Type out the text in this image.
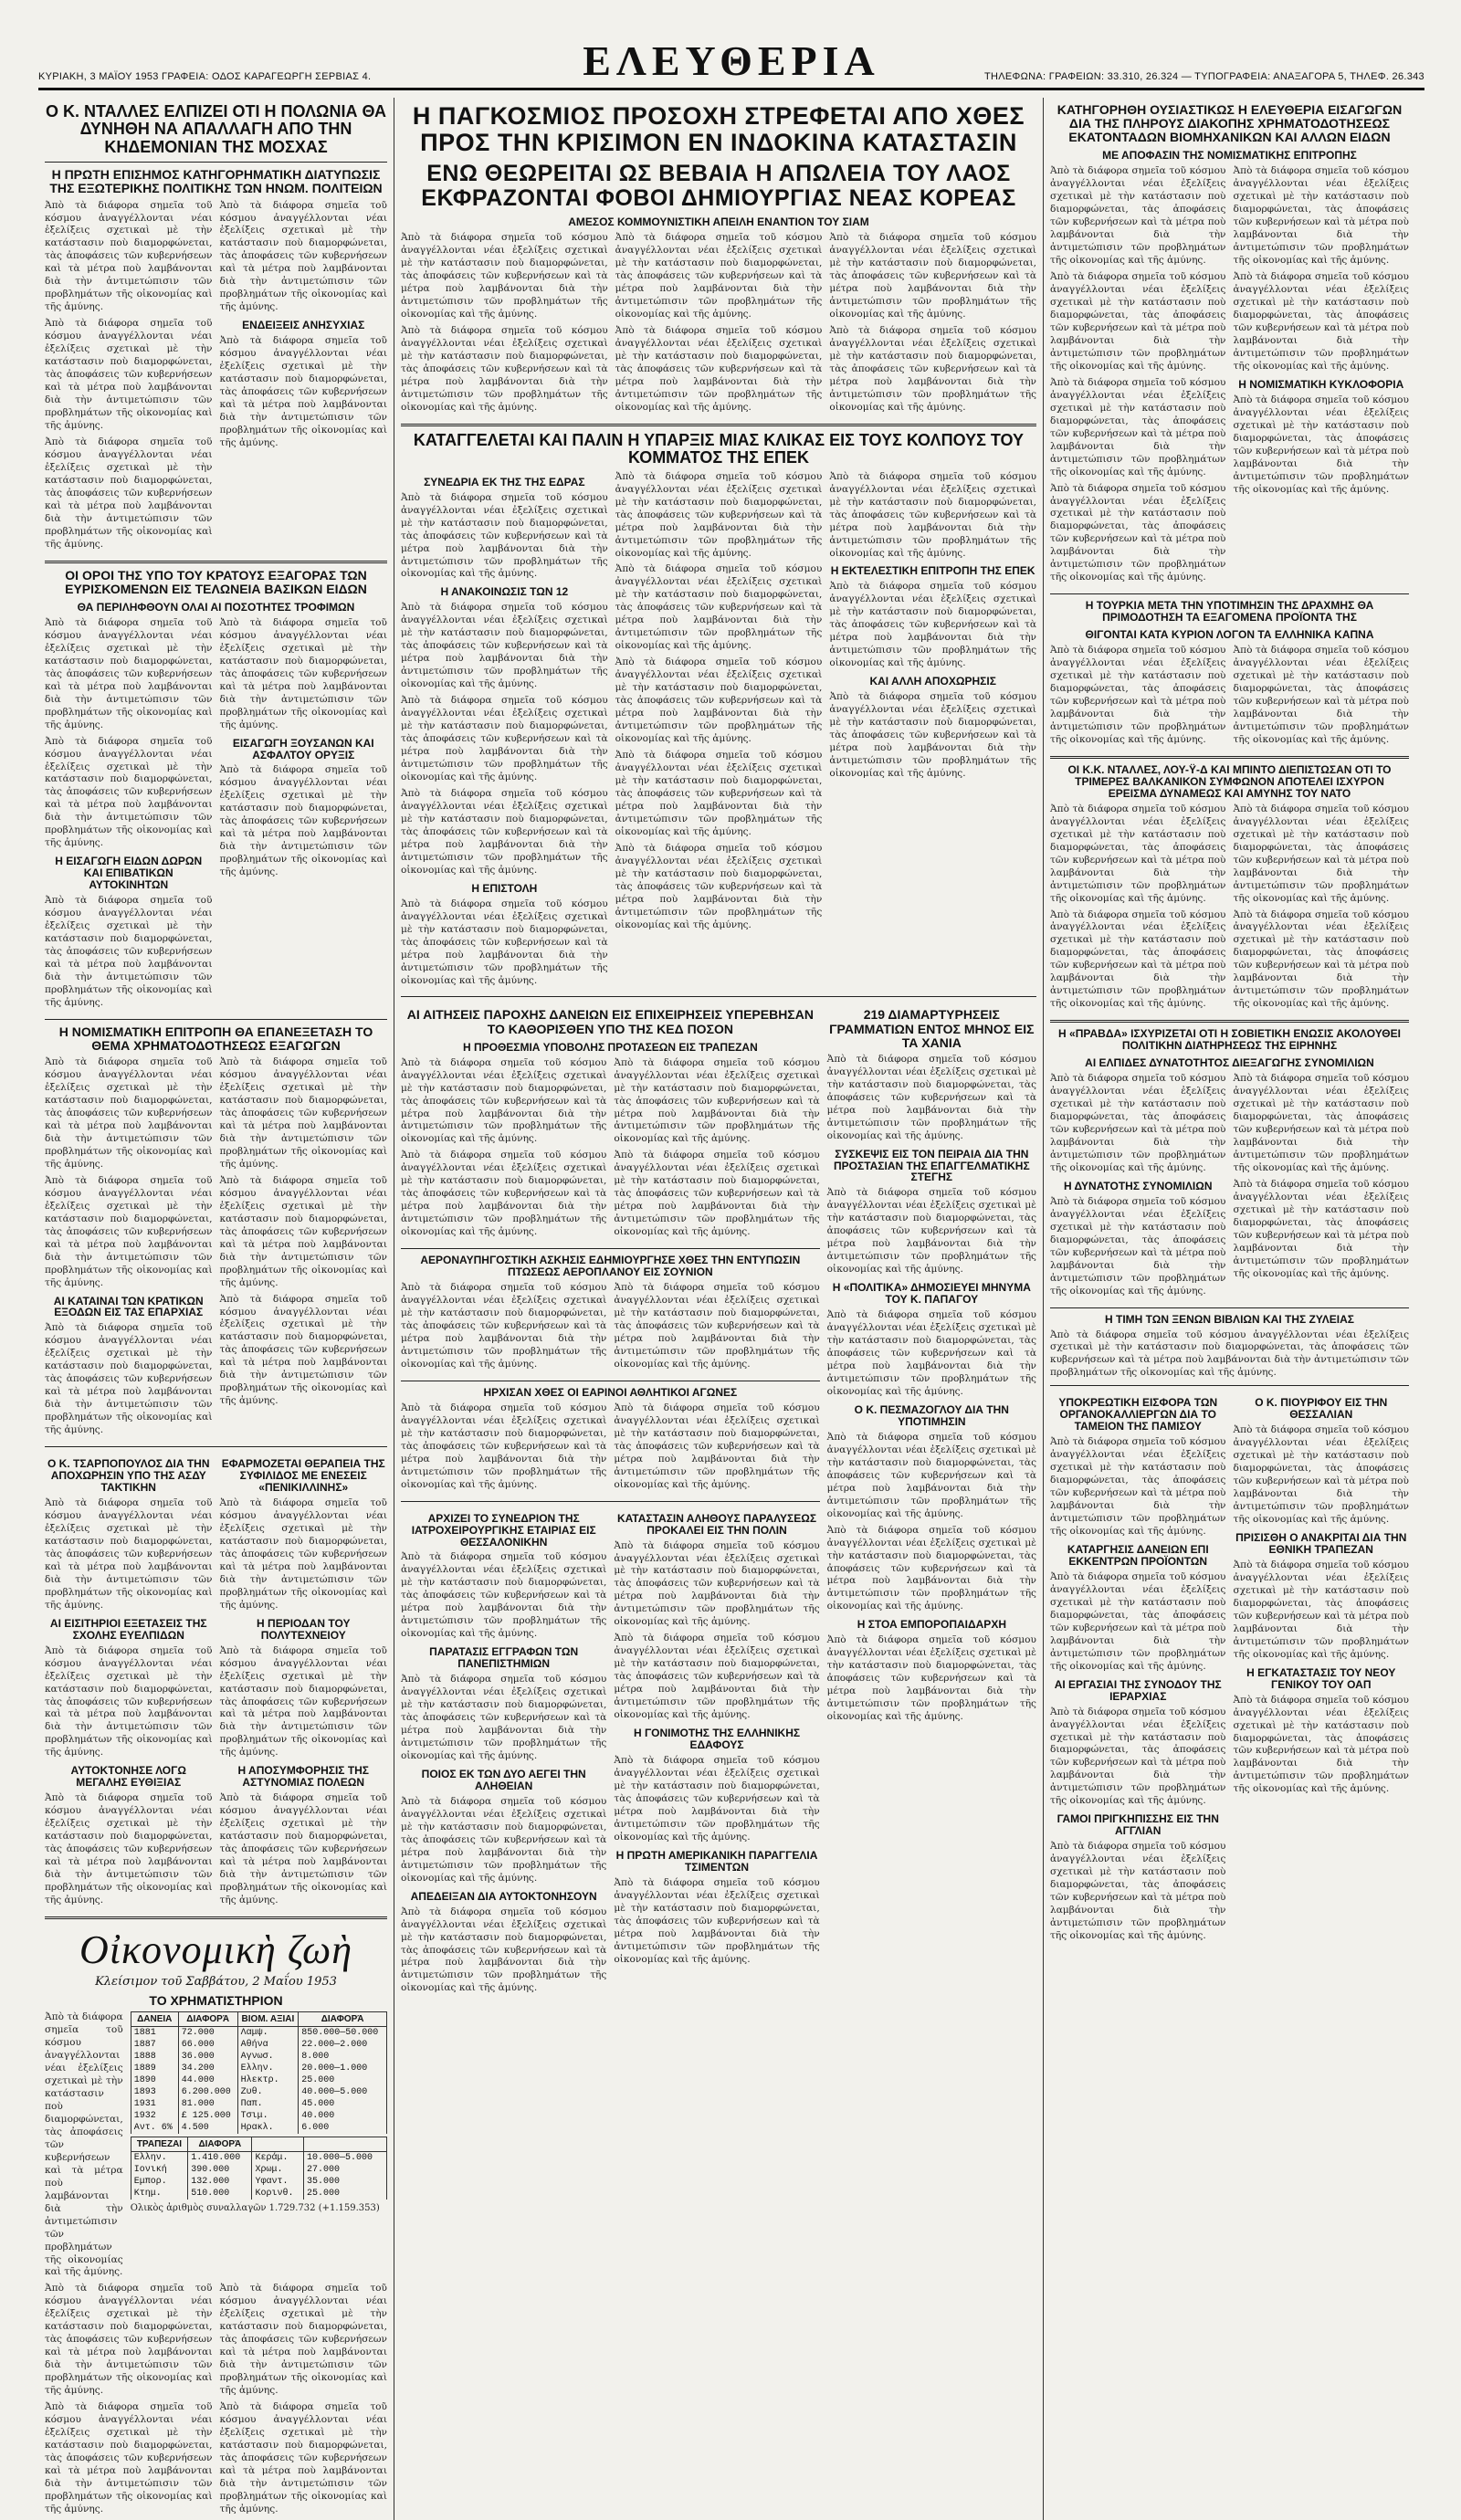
ΚΥΡΙΑΚΗ, 3 ΜΑΪΟΥ 1953 ΓΡΑΦΕΙΑ: ΟΔΟΣ ΚΑΡΑΓΕΩΡΓΗ ΣΕΡΒΙΑΣ 4.	ΕΛΕΥΘΕΡΙΑ	ΤΗΛΕΦΩΝΑ: ΓΡΑΦΕΙΩΝ: 33.310, 26.324 — ΤΥΠΟΓΡΑΦΕΙΑ: ΑΝΑΞΑΓΟΡΑ 5, ΤΗΛΕΦ. 26.343
Ο Κ. ΝΤΑΛΛΕΣ ΕΛΠΙΖΕΙ ΟΤΙ Η ΠΟΛΩΝΙΑ ΘΑ ΔΥΝΗΘΗ ΝΑ ΑΠΑΛΛΑΓΗ ΑΠΟ ΤΗΝ ΚΗΔΕΜΟΝΙΑΝ ΤΗΣ ΜΟΣΧΑΣ
Η ΠΡΩΤΗ ΕΠΙΣΗΜΟΣ ΚΑΤΗΓΟΡΗΜΑΤΙΚΗ ΔΙΑΤΥΠΩΣΙΣ ΤΗΣ ΕΞΩΤΕΡΙΚΗΣ ΠΟΛΙΤΙΚΗΣ ΤΩΝ ΗΝΩΜ. ΠΟΛΙΤΕΙΩΝ

Ἀπὸ τὰ διάφορα σημεῖα τοῦ κόσμου ἀναγγέλλονται νέαι ἐξελίξεις σχετικαὶ μὲ τὴν κατάστασιν ποὺ διαμορφώνεται, τὰς ἀποφάσεις τῶν κυβερνήσεων καὶ τὰ μέτρα ποὺ λαμβάνονται διὰ τὴν ἀντιμετώπισιν τῶν προβλημάτων τῆς οἰκονομίας καὶ τῆς ἀμύνης.

Ἀπὸ τὰ διάφορα σημεῖα τοῦ κόσμου ἀναγγέλλονται νέαι ἐξελίξεις σχετικαὶ μὲ τὴν κατάστασιν ποὺ διαμορφώνεται, τὰς ἀποφάσεις τῶν κυβερνήσεων καὶ τὰ μέτρα ποὺ λαμβάνονται διὰ τὴν ἀντιμετώπισιν τῶν προβλημάτων τῆς οἰκονομίας καὶ τῆς ἀμύνης.

Ἀπὸ τὰ διάφορα σημεῖα τοῦ κόσμου ἀναγγέλλονται νέαι ἐξελίξεις σχετικαὶ μὲ τὴν κατάστασιν ποὺ διαμορφώνεται, τὰς ἀποφάσεις τῶν κυβερνήσεων καὶ τὰ μέτρα ποὺ λαμβάνονται διὰ τὴν ἀντιμετώπισιν τῶν προβλημάτων τῆς οἰκονομίας καὶ τῆς ἀμύνης.

Ἀπὸ τὰ διάφορα σημεῖα τοῦ κόσμου ἀναγγέλλονται νέαι ἐξελίξεις σχετικαὶ μὲ τὴν κατάστασιν ποὺ διαμορφώνεται, τὰς ἀποφάσεις τῶν κυβερνήσεων καὶ τὰ μέτρα ποὺ λαμβάνονται διὰ τὴν ἀντιμετώπισιν τῶν προβλημάτων τῆς οἰκονομίας καὶ τῆς ἀμύνης.

ΕΝΔΕΙΞΕΙΣ ΑΝΗΣΥΧΙΑΣ

Ἀπὸ τὰ διάφορα σημεῖα τοῦ κόσμου ἀναγγέλλονται νέαι ἐξελίξεις σχετικαὶ μὲ τὴν κατάστασιν ποὺ διαμορφώνεται, τὰς ἀποφάσεις τῶν κυβερνήσεων καὶ τὰ μέτρα ποὺ λαμβάνονται διὰ τὴν ἀντιμετώπισιν τῶν προβλημάτων τῆς οἰκονομίας καὶ τῆς ἀμύνης.

ΟΙ ΟΡΟΙ ΤΗΣ ΥΠΟ ΤΟΥ ΚΡΑΤΟΥΣ ΕΞΑΓΟΡΑΣ ΤΩΝ ΕΥΡΙΣΚΟΜΕΝΩΝ ΕΙΣ ΤΕΛΩΝΕΙΑ ΒΑΣΙΚΩΝ ΕΙΔΩΝ
ΘΑ ΠΕΡΙΛΗΦΘΟΥΝ ΟΛΑΙ ΑΙ ΠΟΣΟΤΗΤΕΣ ΤΡΟΦΙΜΩΝ

Ἀπὸ τὰ διάφορα σημεῖα τοῦ κόσμου ἀναγγέλλονται νέαι ἐξελίξεις σχετικαὶ μὲ τὴν κατάστασιν ποὺ διαμορφώνεται, τὰς ἀποφάσεις τῶν κυβερνήσεων καὶ τὰ μέτρα ποὺ λαμβάνονται διὰ τὴν ἀντιμετώπισιν τῶν προβλημάτων τῆς οἰκονομίας καὶ τῆς ἀμύνης.

Ἀπὸ τὰ διάφορα σημεῖα τοῦ κόσμου ἀναγγέλλονται νέαι ἐξελίξεις σχετικαὶ μὲ τὴν κατάστασιν ποὺ διαμορφώνεται, τὰς ἀποφάσεις τῶν κυβερνήσεων καὶ τὰ μέτρα ποὺ λαμβάνονται διὰ τὴν ἀντιμετώπισιν τῶν προβλημάτων τῆς οἰκονομίας καὶ τῆς ἀμύνης.

Η ΕΙΣΑΓΩΓΗ ΕΙΔΩΝ ΔΩΡΩΝ ΚΑΙ ΕΠΙΒΑΤΙΚΩΝ ΑΥΤΟΚΙΝΗΤΩΝ

Ἀπὸ τὰ διάφορα σημεῖα τοῦ κόσμου ἀναγγέλλονται νέαι ἐξελίξεις σχετικαὶ μὲ τὴν κατάστασιν ποὺ διαμορφώνεται, τὰς ἀποφάσεις τῶν κυβερνήσεων καὶ τὰ μέτρα ποὺ λαμβάνονται διὰ τὴν ἀντιμετώπισιν τῶν προβλημάτων τῆς οἰκονομίας καὶ τῆς ἀμύνης.

Ἀπὸ τὰ διάφορα σημεῖα τοῦ κόσμου ἀναγγέλλονται νέαι ἐξελίξεις σχετικαὶ μὲ τὴν κατάστασιν ποὺ διαμορφώνεται, τὰς ἀποφάσεις τῶν κυβερνήσεων καὶ τὰ μέτρα ποὺ λαμβάνονται διὰ τὴν ἀντιμετώπισιν τῶν προβλημάτων τῆς οἰκονομίας καὶ τῆς ἀμύνης.

ΕΙΣΑΓΩΓΗ ΞΟΥΣΑΝΩΝ ΚΑΙ ΑΣΦΑΛΤΟΥ ΟΡΥΞΙΣ

Ἀπὸ τὰ διάφορα σημεῖα τοῦ κόσμου ἀναγγέλλονται νέαι ἐξελίξεις σχετικαὶ μὲ τὴν κατάστασιν ποὺ διαμορφώνεται, τὰς ἀποφάσεις τῶν κυβερνήσεων καὶ τὰ μέτρα ποὺ λαμβάνονται διὰ τὴν ἀντιμετώπισιν τῶν προβλημάτων τῆς οἰκονομίας καὶ τῆς ἀμύνης.

Η ΝΟΜΙΣΜΑΤΙΚΗ ΕΠΙΤΡΟΠΗ ΘΑ ΕΠΑΝΕΞΕΤΑΣΗ ΤΟ ΘΕΜΑ ΧΡΗΜΑΤΟΔΟΤΗΣΕΩΣ ΕΞΑΓΩΓΩΝ

Ἀπὸ τὰ διάφορα σημεῖα τοῦ κόσμου ἀναγγέλλονται νέαι ἐξελίξεις σχετικαὶ μὲ τὴν κατάστασιν ποὺ διαμορφώνεται, τὰς ἀποφάσεις τῶν κυβερνήσεων καὶ τὰ μέτρα ποὺ λαμβάνονται διὰ τὴν ἀντιμετώπισιν τῶν προβλημάτων τῆς οἰκονομίας καὶ τῆς ἀμύνης.

Ἀπὸ τὰ διάφορα σημεῖα τοῦ κόσμου ἀναγγέλλονται νέαι ἐξελίξεις σχετικαὶ μὲ τὴν κατάστασιν ποὺ διαμορφώνεται, τὰς ἀποφάσεις τῶν κυβερνήσεων καὶ τὰ μέτρα ποὺ λαμβάνονται διὰ τὴν ἀντιμετώπισιν τῶν προβλημάτων τῆς οἰκονομίας καὶ τῆς ἀμύνης.

ΑΙ ΚΑΤΑΙΝΑΙ ΤΩΝ ΚΡΑΤΙΚΩΝ ΕΞΟΔΩΝ ΕΙΣ ΤΑΣ ΕΠΑΡΧΙΑΣ

Ἀπὸ τὰ διάφορα σημεῖα τοῦ κόσμου ἀναγγέλλονται νέαι ἐξελίξεις σχετικαὶ μὲ τὴν κατάστασιν ποὺ διαμορφώνεται, τὰς ἀποφάσεις τῶν κυβερνήσεων καὶ τὰ μέτρα ποὺ λαμβάνονται διὰ τὴν ἀντιμετώπισιν τῶν προβλημάτων τῆς οἰκονομίας καὶ τῆς ἀμύνης.

Ἀπὸ τὰ διάφορα σημεῖα τοῦ κόσμου ἀναγγέλλονται νέαι ἐξελίξεις σχετικαὶ μὲ τὴν κατάστασιν ποὺ διαμορφώνεται, τὰς ἀποφάσεις τῶν κυβερνήσεων καὶ τὰ μέτρα ποὺ λαμβάνονται διὰ τὴν ἀντιμετώπισιν τῶν προβλημάτων τῆς οἰκονομίας καὶ τῆς ἀμύνης.

Ἀπὸ τὰ διάφορα σημεῖα τοῦ κόσμου ἀναγγέλλονται νέαι ἐξελίξεις σχετικαὶ μὲ τὴν κατάστασιν ποὺ διαμορφώνεται, τὰς ἀποφάσεις τῶν κυβερνήσεων καὶ τὰ μέτρα ποὺ λαμβάνονται διὰ τὴν ἀντιμετώπισιν τῶν προβλημάτων τῆς οἰκονομίας καὶ τῆς ἀμύνης.

Ἀπὸ τὰ διάφορα σημεῖα τοῦ κόσμου ἀναγγέλλονται νέαι ἐξελίξεις σχετικαὶ μὲ τὴν κατάστασιν ποὺ διαμορφώνεται, τὰς ἀποφάσεις τῶν κυβερνήσεων καὶ τὰ μέτρα ποὺ λαμβάνονται διὰ τὴν ἀντιμετώπισιν τῶν προβλημάτων τῆς οἰκονομίας καὶ τῆς ἀμύνης.

Ο Κ. ΤΣΑΡΠΟΠΟΥΛΟΣ ΔΙΑ ΤΗΝ ΑΠΟΧΩΡΗΣΙΝ ΥΠΟ ΤΗΣ ΑΣΔΥ ΤΑΚΤΙΚΗΝ

Ἀπὸ τὰ διάφορα σημεῖα τοῦ κόσμου ἀναγγέλλονται νέαι ἐξελίξεις σχετικαὶ μὲ τὴν κατάστασιν ποὺ διαμορφώνεται, τὰς ἀποφάσεις τῶν κυβερνήσεων καὶ τὰ μέτρα ποὺ λαμβάνονται διὰ τὴν ἀντιμετώπισιν τῶν προβλημάτων τῆς οἰκονομίας καὶ τῆς ἀμύνης.

ΑΙ ΕΙΣΙΤΗΡΙΟΙ ΕΞΕΤΑΣΕΙΣ ΤΗΣ ΣΧΟΛΗΣ ΕΥΕΛΠΙΔΩΝ

Ἀπὸ τὰ διάφορα σημεῖα τοῦ κόσμου ἀναγγέλλονται νέαι ἐξελίξεις σχετικαὶ μὲ τὴν κατάστασιν ποὺ διαμορφώνεται, τὰς ἀποφάσεις τῶν κυβερνήσεων καὶ τὰ μέτρα ποὺ λαμβάνονται διὰ τὴν ἀντιμετώπισιν τῶν προβλημάτων τῆς οἰκονομίας καὶ τῆς ἀμύνης.

ΑΥΤΟΚΤΟΝΗΣΕ ΛΟΓΩ ΜΕΓΑΛΗΣ ΕΥΘΙΞΙΑΣ

Ἀπὸ τὰ διάφορα σημεῖα τοῦ κόσμου ἀναγγέλλονται νέαι ἐξελίξεις σχετικαὶ μὲ τὴν κατάστασιν ποὺ διαμορφώνεται, τὰς ἀποφάσεις τῶν κυβερνήσεων καὶ τὰ μέτρα ποὺ λαμβάνονται διὰ τὴν ἀντιμετώπισιν τῶν προβλημάτων τῆς οἰκονομίας καὶ τῆς ἀμύνης.

ΕΦΑΡΜΟΖΕΤΑΙ ΘΕΡΑΠΕΙΑ ΤΗΣ ΣΥΦΙΛΙΔΟΣ ΜΕ ΕΝΕΣΕΙΣ «ΠΕΝΙΚΙΛΛΙΝΗΣ»

Ἀπὸ τὰ διάφορα σημεῖα τοῦ κόσμου ἀναγγέλλονται νέαι ἐξελίξεις σχετικαὶ μὲ τὴν κατάστασιν ποὺ διαμορφώνεται, τὰς ἀποφάσεις τῶν κυβερνήσεων καὶ τὰ μέτρα ποὺ λαμβάνονται διὰ τὴν ἀντιμετώπισιν τῶν προβλημάτων τῆς οἰκονομίας καὶ τῆς ἀμύνης.

Η ΠΕΡΙΟΔΑΝ ΤΟΥ ΠΟΛΥΤΕΧΝΕΙΟΥ

Ἀπὸ τὰ διάφορα σημεῖα τοῦ κόσμου ἀναγγέλλονται νέαι ἐξελίξεις σχετικαὶ μὲ τὴν κατάστασιν ποὺ διαμορφώνεται, τὰς ἀποφάσεις τῶν κυβερνήσεων καὶ τὰ μέτρα ποὺ λαμβάνονται διὰ τὴν ἀντιμετώπισιν τῶν προβλημάτων τῆς οἰκονομίας καὶ τῆς ἀμύνης.

Η ΑΠΟΣΥΜΦΟΡΗΣΙΣ ΤΗΣ ΑΣΤΥΝΟΜΙΑΣ ΠΟΛΕΩΝ

Ἀπὸ τὰ διάφορα σημεῖα τοῦ κόσμου ἀναγγέλλονται νέαι ἐξελίξεις σχετικαὶ μὲ τὴν κατάστασιν ποὺ διαμορφώνεται, τὰς ἀποφάσεις τῶν κυβερνήσεων καὶ τὰ μέτρα ποὺ λαμβάνονται διὰ τὴν ἀντιμετώπισιν τῶν προβλημάτων τῆς οἰκονομίας καὶ τῆς ἀμύνης.

Οἰκονομικὴ ζωὴ
Κλείσιμον τοῦ Σαββάτου, 2 Μαΐου 1953
ΤΟ ΧΡΗΜΑΤΙΣΤΗΡΙΟΝ

Ἀπὸ τὰ διάφορα σημεῖα τοῦ κόσμου ἀναγγέλλονται νέαι ἐξελίξεις σχετικαὶ μὲ τὴν κατάστασιν ποὺ διαμορφώνεται, τὰς ἀποφάσεις τῶν κυβερνήσεων καὶ τὰ μέτρα ποὺ λαμβάνονται διὰ τὴν ἀντιμετώπισιν τῶν προβλημάτων τῆς οἰκονομίας καὶ τῆς ἀμύνης.

ΔΑΝΕΙΑ	ΔΙΑΦΟΡΆ	ΒΙΟΜ. ΑΞΙΑΙ	ΔΙΑΦΟΡΆ
1881	72.000	Λαμψ.	850.000—50.000
1887	66.000	Αθήνα	22.000—2.000
1888	36.000	Αγνωσ.	8.000
1889	34.200	Ελλην.	20.000—1.000
1890	44.000	Ηλεκτρ.	25.000
1893	6.200.000	Ζυθ.	40.000—5.000
1931	81.000	Παπ.	45.000
1932	£ 125.000	Τσιμ.	40.000
Αντ. 6%	4.500	Ηρακλ.	6.000
ΤΡΑΠΕΖΑΙ	ΔΙΑΦΟΡΆ		
Ελλην.	1.410.000	Κεράμ.	10.000—5.000
Ιονική	390.000	Χρωμ.	27.000
Εμπορ.	132.000	Υφαντ.	35.000
Κτημ.	510.000	Κορινθ.	25.000
Ολικὸς ἀριθμὸς συναλλαγῶν 1.729.732 (+1.159.353)

Ἀπὸ τὰ διάφορα σημεῖα τοῦ κόσμου ἀναγγέλλονται νέαι ἐξελίξεις σχετικαὶ μὲ τὴν κατάστασιν ποὺ διαμορφώνεται, τὰς ἀποφάσεις τῶν κυβερνήσεων καὶ τὰ μέτρα ποὺ λαμβάνονται διὰ τὴν ἀντιμετώπισιν τῶν προβλημάτων τῆς οἰκονομίας καὶ τῆς ἀμύνης.

Ἀπὸ τὰ διάφορα σημεῖα τοῦ κόσμου ἀναγγέλλονται νέαι ἐξελίξεις σχετικαὶ μὲ τὴν κατάστασιν ποὺ διαμορφώνεται, τὰς ἀποφάσεις τῶν κυβερνήσεων καὶ τὰ μέτρα ποὺ λαμβάνονται διὰ τὴν ἀντιμετώπισιν τῶν προβλημάτων τῆς οἰκονομίας καὶ τῆς ἀμύνης.

Ἀπὸ τὰ διάφορα σημεῖα τοῦ κόσμου ἀναγγέλλονται νέαι ἐξελίξεις σχετικαὶ μὲ τὴν κατάστασιν ποὺ διαμορφώνεται, τὰς ἀποφάσεις τῶν κυβερνήσεων καὶ τὰ μέτρα ποὺ λαμβάνονται διὰ τὴν ἀντιμετώπισιν τῶν προβλημάτων τῆς οἰκονομίας καὶ τῆς ἀμύνης.

Ἀπὸ τὰ διάφορα σημεῖα τοῦ κόσμου ἀναγγέλλονται νέαι ἐξελίξεις σχετικαὶ μὲ τὴν κατάστασιν ποὺ διαμορφώνεται, τὰς ἀποφάσεις τῶν κυβερνήσεων καὶ τὰ μέτρα ποὺ λαμβάνονται διὰ τὴν ἀντιμετώπισιν τῶν προβλημάτων τῆς οἰκονομίας καὶ τῆς ἀμύνης.

Η ΠΑΓΚΟΣΜΙΟΣ ΠΡΟΣΟΧΗ ΣΤΡΕΦΕΤΑΙ ΑΠΟ ΧΘΕΣ ΠΡΟΣ ΤΗΝ ΚΡΙΣΙΜΟΝ ΕΝ ΙΝΔΟΚΙΝΑ ΚΑΤΑΣΤΑΣΙΝ
ΕΝΩ ΘΕΩΡΕΙΤΑΙ ΩΣ ΒΕΒΑΙΑ Η ΑΠΩΛΕΙΑ ΤΟΥ ΛΑΟΣ ΕΚΦΡΑΖΟΝΤΑΙ ΦΟΒΟΙ ΔΗΜΙΟΥΡΓΙΑΣ ΝΕΑΣ ΚΟΡΕΑΣ
ΑΜΕΣΟΣ ΚΟΜΜΟΥΝΙΣΤΙΚΗ ΑΠΕΙΛΗ ΕΝΑΝΤΙΟΝ ΤΟΥ ΣΙΑΜ

Ἀπὸ τὰ διάφορα σημεῖα τοῦ κόσμου ἀναγγέλλονται νέαι ἐξελίξεις σχετικαὶ μὲ τὴν κατάστασιν ποὺ διαμορφώνεται, τὰς ἀποφάσεις τῶν κυβερνήσεων καὶ τὰ μέτρα ποὺ λαμβάνονται διὰ τὴν ἀντιμετώπισιν τῶν προβλημάτων τῆς οἰκονομίας καὶ τῆς ἀμύνης.

Ἀπὸ τὰ διάφορα σημεῖα τοῦ κόσμου ἀναγγέλλονται νέαι ἐξελίξεις σχετικαὶ μὲ τὴν κατάστασιν ποὺ διαμορφώνεται, τὰς ἀποφάσεις τῶν κυβερνήσεων καὶ τὰ μέτρα ποὺ λαμβάνονται διὰ τὴν ἀντιμετώπισιν τῶν προβλημάτων τῆς οἰκονομίας καὶ τῆς ἀμύνης.

Ἀπὸ τὰ διάφορα σημεῖα τοῦ κόσμου ἀναγγέλλονται νέαι ἐξελίξεις σχετικαὶ μὲ τὴν κατάστασιν ποὺ διαμορφώνεται, τὰς ἀποφάσεις τῶν κυβερνήσεων καὶ τὰ μέτρα ποὺ λαμβάνονται διὰ τὴν ἀντιμετώπισιν τῶν προβλημάτων τῆς οἰκονομίας καὶ τῆς ἀμύνης.

Ἀπὸ τὰ διάφορα σημεῖα τοῦ κόσμου ἀναγγέλλονται νέαι ἐξελίξεις σχετικαὶ μὲ τὴν κατάστασιν ποὺ διαμορφώνεται, τὰς ἀποφάσεις τῶν κυβερνήσεων καὶ τὰ μέτρα ποὺ λαμβάνονται διὰ τὴν ἀντιμετώπισιν τῶν προβλημάτων τῆς οἰκονομίας καὶ τῆς ἀμύνης.

Ἀπὸ τὰ διάφορα σημεῖα τοῦ κόσμου ἀναγγέλλονται νέαι ἐξελίξεις σχετικαὶ μὲ τὴν κατάστασιν ποὺ διαμορφώνεται, τὰς ἀποφάσεις τῶν κυβερνήσεων καὶ τὰ μέτρα ποὺ λαμβάνονται διὰ τὴν ἀντιμετώπισιν τῶν προβλημάτων τῆς οἰκονομίας καὶ τῆς ἀμύνης.

Ἀπὸ τὰ διάφορα σημεῖα τοῦ κόσμου ἀναγγέλλονται νέαι ἐξελίξεις σχετικαὶ μὲ τὴν κατάστασιν ποὺ διαμορφώνεται, τὰς ἀποφάσεις τῶν κυβερνήσεων καὶ τὰ μέτρα ποὺ λαμβάνονται διὰ τὴν ἀντιμετώπισιν τῶν προβλημάτων τῆς οἰκονομίας καὶ τῆς ἀμύνης.

ΚΑΤΑΓΓΕΛΕΤΑΙ ΚΑΙ ΠΑΛΙΝ Η ΥΠΑΡΞΙΣ ΜΙΑΣ ΚΛΙΚΑΣ ΕΙΣ ΤΟΥΣ ΚΟΛΠΟΥΣ ΤΟΥ ΚΟΜΜΑΤΟΣ ΤΗΣ ΕΠΕΚ
ΣΥΝΕΔΡΙΑ ΕΚ ΤΗΣ ΤΗΣ ΕΔΡΑΣ

Ἀπὸ τὰ διάφορα σημεῖα τοῦ κόσμου ἀναγγέλλονται νέαι ἐξελίξεις σχετικαὶ μὲ τὴν κατάστασιν ποὺ διαμορφώνεται, τὰς ἀποφάσεις τῶν κυβερνήσεων καὶ τὰ μέτρα ποὺ λαμβάνονται διὰ τὴν ἀντιμετώπισιν τῶν προβλημάτων τῆς οἰκονομίας καὶ τῆς ἀμύνης.

Η ΑΝΑΚΟΙΝΩΣΙΣ ΤΩΝ 12

Ἀπὸ τὰ διάφορα σημεῖα τοῦ κόσμου ἀναγγέλλονται νέαι ἐξελίξεις σχετικαὶ μὲ τὴν κατάστασιν ποὺ διαμορφώνεται, τὰς ἀποφάσεις τῶν κυβερνήσεων καὶ τὰ μέτρα ποὺ λαμβάνονται διὰ τὴν ἀντιμετώπισιν τῶν προβλημάτων τῆς οἰκονομίας καὶ τῆς ἀμύνης.

Ἀπὸ τὰ διάφορα σημεῖα τοῦ κόσμου ἀναγγέλλονται νέαι ἐξελίξεις σχετικαὶ μὲ τὴν κατάστασιν ποὺ διαμορφώνεται, τὰς ἀποφάσεις τῶν κυβερνήσεων καὶ τὰ μέτρα ποὺ λαμβάνονται διὰ τὴν ἀντιμετώπισιν τῶν προβλημάτων τῆς οἰκονομίας καὶ τῆς ἀμύνης.

Ἀπὸ τὰ διάφορα σημεῖα τοῦ κόσμου ἀναγγέλλονται νέαι ἐξελίξεις σχετικαὶ μὲ τὴν κατάστασιν ποὺ διαμορφώνεται, τὰς ἀποφάσεις τῶν κυβερνήσεων καὶ τὰ μέτρα ποὺ λαμβάνονται διὰ τὴν ἀντιμετώπισιν τῶν προβλημάτων τῆς οἰκονομίας καὶ τῆς ἀμύνης.

Η ΕΠΙΣΤΟΛΗ

Ἀπὸ τὰ διάφορα σημεῖα τοῦ κόσμου ἀναγγέλλονται νέαι ἐξελίξεις σχετικαὶ μὲ τὴν κατάστασιν ποὺ διαμορφώνεται, τὰς ἀποφάσεις τῶν κυβερνήσεων καὶ τὰ μέτρα ποὺ λαμβάνονται διὰ τὴν ἀντιμετώπισιν τῶν προβλημάτων τῆς οἰκονομίας καὶ τῆς ἀμύνης.

Ἀπὸ τὰ διάφορα σημεῖα τοῦ κόσμου ἀναγγέλλονται νέαι ἐξελίξεις σχετικαὶ μὲ τὴν κατάστασιν ποὺ διαμορφώνεται, τὰς ἀποφάσεις τῶν κυβερνήσεων καὶ τὰ μέτρα ποὺ λαμβάνονται διὰ τὴν ἀντιμετώπισιν τῶν προβλημάτων τῆς οἰκονομίας καὶ τῆς ἀμύνης.

Ἀπὸ τὰ διάφορα σημεῖα τοῦ κόσμου ἀναγγέλλονται νέαι ἐξελίξεις σχετικαὶ μὲ τὴν κατάστασιν ποὺ διαμορφώνεται, τὰς ἀποφάσεις τῶν κυβερνήσεων καὶ τὰ μέτρα ποὺ λαμβάνονται διὰ τὴν ἀντιμετώπισιν τῶν προβλημάτων τῆς οἰκονομίας καὶ τῆς ἀμύνης.

Ἀπὸ τὰ διάφορα σημεῖα τοῦ κόσμου ἀναγγέλλονται νέαι ἐξελίξεις σχετικαὶ μὲ τὴν κατάστασιν ποὺ διαμορφώνεται, τὰς ἀποφάσεις τῶν κυβερνήσεων καὶ τὰ μέτρα ποὺ λαμβάνονται διὰ τὴν ἀντιμετώπισιν τῶν προβλημάτων τῆς οἰκονομίας καὶ τῆς ἀμύνης.

Ἀπὸ τὰ διάφορα σημεῖα τοῦ κόσμου ἀναγγέλλονται νέαι ἐξελίξεις σχετικαὶ μὲ τὴν κατάστασιν ποὺ διαμορφώνεται, τὰς ἀποφάσεις τῶν κυβερνήσεων καὶ τὰ μέτρα ποὺ λαμβάνονται διὰ τὴν ἀντιμετώπισιν τῶν προβλημάτων τῆς οἰκονομίας καὶ τῆς ἀμύνης.

Ἀπὸ τὰ διάφορα σημεῖα τοῦ κόσμου ἀναγγέλλονται νέαι ἐξελίξεις σχετικαὶ μὲ τὴν κατάστασιν ποὺ διαμορφώνεται, τὰς ἀποφάσεις τῶν κυβερνήσεων καὶ τὰ μέτρα ποὺ λαμβάνονται διὰ τὴν ἀντιμετώπισιν τῶν προβλημάτων τῆς οἰκονομίας καὶ τῆς ἀμύνης.

Ἀπὸ τὰ διάφορα σημεῖα τοῦ κόσμου ἀναγγέλλονται νέαι ἐξελίξεις σχετικαὶ μὲ τὴν κατάστασιν ποὺ διαμορφώνεται, τὰς ἀποφάσεις τῶν κυβερνήσεων καὶ τὰ μέτρα ποὺ λαμβάνονται διὰ τὴν ἀντιμετώπισιν τῶν προβλημάτων τῆς οἰκονομίας καὶ τῆς ἀμύνης.

Η ΕΚΤΕΛΕΣΤΙΚΗ ΕΠΙΤΡΟΠΗ ΤΗΣ ΕΠΕΚ

Ἀπὸ τὰ διάφορα σημεῖα τοῦ κόσμου ἀναγγέλλονται νέαι ἐξελίξεις σχετικαὶ μὲ τὴν κατάστασιν ποὺ διαμορφώνεται, τὰς ἀποφάσεις τῶν κυβερνήσεων καὶ τὰ μέτρα ποὺ λαμβάνονται διὰ τὴν ἀντιμετώπισιν τῶν προβλημάτων τῆς οἰκονομίας καὶ τῆς ἀμύνης.

ΚΑΙ ΑΛΛΗ ΑΠΟΧΩΡΗΣΙΣ

Ἀπὸ τὰ διάφορα σημεῖα τοῦ κόσμου ἀναγγέλλονται νέαι ἐξελίξεις σχετικαὶ μὲ τὴν κατάστασιν ποὺ διαμορφώνεται, τὰς ἀποφάσεις τῶν κυβερνήσεων καὶ τὰ μέτρα ποὺ λαμβάνονται διὰ τὴν ἀντιμετώπισιν τῶν προβλημάτων τῆς οἰκονομίας καὶ τῆς ἀμύνης.

ΑΙ ΑΙΤΗΣΕΙΣ ΠΑΡΟΧΗΣ ΔΑΝΕΙΩΝ ΕΙΣ ΕΠΙΧΕΙΡΗΣΕΙΣ ΥΠΕΡΕΒΗΣΑΝ ΤΟ ΚΑΘΟΡΙΣΘΕΝ ΥΠΟ ΤΗΣ ΚΕΔ ΠΟΣΟΝ
Η ΠΡΟΘΕΣΜΙΑ ΥΠΟΒΟΛΗΣ ΠΡΟΤΑΣΕΩΝ ΕΙΣ ΤΡΑΠΕΖΑΝ

Ἀπὸ τὰ διάφορα σημεῖα τοῦ κόσμου ἀναγγέλλονται νέαι ἐξελίξεις σχετικαὶ μὲ τὴν κατάστασιν ποὺ διαμορφώνεται, τὰς ἀποφάσεις τῶν κυβερνήσεων καὶ τὰ μέτρα ποὺ λαμβάνονται διὰ τὴν ἀντιμετώπισιν τῶν προβλημάτων τῆς οἰκονομίας καὶ τῆς ἀμύνης.

Ἀπὸ τὰ διάφορα σημεῖα τοῦ κόσμου ἀναγγέλλονται νέαι ἐξελίξεις σχετικαὶ μὲ τὴν κατάστασιν ποὺ διαμορφώνεται, τὰς ἀποφάσεις τῶν κυβερνήσεων καὶ τὰ μέτρα ποὺ λαμβάνονται διὰ τὴν ἀντιμετώπισιν τῶν προβλημάτων τῆς οἰκονομίας καὶ τῆς ἀμύνης.

Ἀπὸ τὰ διάφορα σημεῖα τοῦ κόσμου ἀναγγέλλονται νέαι ἐξελίξεις σχετικαὶ μὲ τὴν κατάστασιν ποὺ διαμορφώνεται, τὰς ἀποφάσεις τῶν κυβερνήσεων καὶ τὰ μέτρα ποὺ λαμβάνονται διὰ τὴν ἀντιμετώπισιν τῶν προβλημάτων τῆς οἰκονομίας καὶ τῆς ἀμύνης.

Ἀπὸ τὰ διάφορα σημεῖα τοῦ κόσμου ἀναγγέλλονται νέαι ἐξελίξεις σχετικαὶ μὲ τὴν κατάστασιν ποὺ διαμορφώνεται, τὰς ἀποφάσεις τῶν κυβερνήσεων καὶ τὰ μέτρα ποὺ λαμβάνονται διὰ τὴν ἀντιμετώπισιν τῶν προβλημάτων τῆς οἰκονομίας καὶ τῆς ἀμύνης.

ΑΕΡΟΝΑΥΠΗΓΟΣΤΙΚΗ ΑΣΚΗΣΙΣ ΕΔΗΜΙΟΥΡΓΗΣΕ ΧΘΕΣ ΤΗΝ ΕΝΤΥΠΩΣΙΝ ΠΤΩΣΕΩΣ ΑΕΡΟΠΛΑΝΟΥ ΕΙΣ ΣΟΥΝΙΟΝ

Ἀπὸ τὰ διάφορα σημεῖα τοῦ κόσμου ἀναγγέλλονται νέαι ἐξελίξεις σχετικαὶ μὲ τὴν κατάστασιν ποὺ διαμορφώνεται, τὰς ἀποφάσεις τῶν κυβερνήσεων καὶ τὰ μέτρα ποὺ λαμβάνονται διὰ τὴν ἀντιμετώπισιν τῶν προβλημάτων τῆς οἰκονομίας καὶ τῆς ἀμύνης.

Ἀπὸ τὰ διάφορα σημεῖα τοῦ κόσμου ἀναγγέλλονται νέαι ἐξελίξεις σχετικαὶ μὲ τὴν κατάστασιν ποὺ διαμορφώνεται, τὰς ἀποφάσεις τῶν κυβερνήσεων καὶ τὰ μέτρα ποὺ λαμβάνονται διὰ τὴν ἀντιμετώπισιν τῶν προβλημάτων τῆς οἰκονομίας καὶ τῆς ἀμύνης.

ΗΡΧΙΣΑΝ ΧΘΕΣ ΟΙ ΕΑΡΙΝΟΙ ΑΘΛΗΤΙΚΟΙ ΑΓΩΝΕΣ

Ἀπὸ τὰ διάφορα σημεῖα τοῦ κόσμου ἀναγγέλλονται νέαι ἐξελίξεις σχετικαὶ μὲ τὴν κατάστασιν ποὺ διαμορφώνεται, τὰς ἀποφάσεις τῶν κυβερνήσεων καὶ τὰ μέτρα ποὺ λαμβάνονται διὰ τὴν ἀντιμετώπισιν τῶν προβλημάτων τῆς οἰκονομίας καὶ τῆς ἀμύνης.

Ἀπὸ τὰ διάφορα σημεῖα τοῦ κόσμου ἀναγγέλλονται νέαι ἐξελίξεις σχετικαὶ μὲ τὴν κατάστασιν ποὺ διαμορφώνεται, τὰς ἀποφάσεις τῶν κυβερνήσεων καὶ τὰ μέτρα ποὺ λαμβάνονται διὰ τὴν ἀντιμετώπισιν τῶν προβλημάτων τῆς οἰκονομίας καὶ τῆς ἀμύνης.

ΑΡΧΙΖΕΙ ΤΟ ΣΥΝΕΔΡΙΟΝ ΤΗΣ ΙΑΤΡΟΧΕΙΡΟΥΡΓΙΚΗΣ ΕΤΑΙΡΙΑΣ ΕΙΣ ΘΕΣΣΑΛΟΝΙΚΗΝ

Ἀπὸ τὰ διάφορα σημεῖα τοῦ κόσμου ἀναγγέλλονται νέαι ἐξελίξεις σχετικαὶ μὲ τὴν κατάστασιν ποὺ διαμορφώνεται, τὰς ἀποφάσεις τῶν κυβερνήσεων καὶ τὰ μέτρα ποὺ λαμβάνονται διὰ τὴν ἀντιμετώπισιν τῶν προβλημάτων τῆς οἰκονομίας καὶ τῆς ἀμύνης.

ΠΑΡΑΤΑΣΙΣ ΕΓΓΡΑΦΩΝ ΤΩΝ ΠΑΝΕΠΙΣΤΗΜΙΩΝ

Ἀπὸ τὰ διάφορα σημεῖα τοῦ κόσμου ἀναγγέλλονται νέαι ἐξελίξεις σχετικαὶ μὲ τὴν κατάστασιν ποὺ διαμορφώνεται, τὰς ἀποφάσεις τῶν κυβερνήσεων καὶ τὰ μέτρα ποὺ λαμβάνονται διὰ τὴν ἀντιμετώπισιν τῶν προβλημάτων τῆς οἰκονομίας καὶ τῆς ἀμύνης.

ΠΟΙΟΣ ΕΚ ΤΩΝ ΔΥΟ ΑΕΓΕΙ ΤΗΝ ΑΛΗΘΕΙΑΝ

Ἀπὸ τὰ διάφορα σημεῖα τοῦ κόσμου ἀναγγέλλονται νέαι ἐξελίξεις σχετικαὶ μὲ τὴν κατάστασιν ποὺ διαμορφώνεται, τὰς ἀποφάσεις τῶν κυβερνήσεων καὶ τὰ μέτρα ποὺ λαμβάνονται διὰ τὴν ἀντιμετώπισιν τῶν προβλημάτων τῆς οἰκονομίας καὶ τῆς ἀμύνης.

ΑΠΕΔΕΙΞΑΝ ΔΙΑ ΑΥΤΟΚΤΟΝΗΣΟΥΝ

Ἀπὸ τὰ διάφορα σημεῖα τοῦ κόσμου ἀναγγέλλονται νέαι ἐξελίξεις σχετικαὶ μὲ τὴν κατάστασιν ποὺ διαμορφώνεται, τὰς ἀποφάσεις τῶν κυβερνήσεων καὶ τὰ μέτρα ποὺ λαμβάνονται διὰ τὴν ἀντιμετώπισιν τῶν προβλημάτων τῆς οἰκονομίας καὶ τῆς ἀμύνης.

ΚΑΤΑΣΤΑΣΙΝ ΑΛΗΘΟΥΣ ΠΑΡΑΛΥΣΕΩΣ ΠΡΟΚΑΛΕΙ ΕΙΣ ΤΗΝ ΠΟΛΙΝ

Ἀπὸ τὰ διάφορα σημεῖα τοῦ κόσμου ἀναγγέλλονται νέαι ἐξελίξεις σχετικαὶ μὲ τὴν κατάστασιν ποὺ διαμορφώνεται, τὰς ἀποφάσεις τῶν κυβερνήσεων καὶ τὰ μέτρα ποὺ λαμβάνονται διὰ τὴν ἀντιμετώπισιν τῶν προβλημάτων τῆς οἰκονομίας καὶ τῆς ἀμύνης.

Ἀπὸ τὰ διάφορα σημεῖα τοῦ κόσμου ἀναγγέλλονται νέαι ἐξελίξεις σχετικαὶ μὲ τὴν κατάστασιν ποὺ διαμορφώνεται, τὰς ἀποφάσεις τῶν κυβερνήσεων καὶ τὰ μέτρα ποὺ λαμβάνονται διὰ τὴν ἀντιμετώπισιν τῶν προβλημάτων τῆς οἰκονομίας καὶ τῆς ἀμύνης.

Η ΓΟΝΙΜΟΤΗΣ ΤΗΣ ΕΛΛΗΝΙΚΗΣ ΕΔΑΦΟΥΣ

Ἀπὸ τὰ διάφορα σημεῖα τοῦ κόσμου ἀναγγέλλονται νέαι ἐξελίξεις σχετικαὶ μὲ τὴν κατάστασιν ποὺ διαμορφώνεται, τὰς ἀποφάσεις τῶν κυβερνήσεων καὶ τὰ μέτρα ποὺ λαμβάνονται διὰ τὴν ἀντιμετώπισιν τῶν προβλημάτων τῆς οἰκονομίας καὶ τῆς ἀμύνης.

Η ΠΡΩΤΗ ΑΜΕΡΙΚΑΝΙΚΗ ΠΑΡΑΓΓΕΛΙΑ ΤΣΙΜΕΝΤΩΝ

Ἀπὸ τὰ διάφορα σημεῖα τοῦ κόσμου ἀναγγέλλονται νέαι ἐξελίξεις σχετικαὶ μὲ τὴν κατάστασιν ποὺ διαμορφώνεται, τὰς ἀποφάσεις τῶν κυβερνήσεων καὶ τὰ μέτρα ποὺ λαμβάνονται διὰ τὴν ἀντιμετώπισιν τῶν προβλημάτων τῆς οἰκονομίας καὶ τῆς ἀμύνης.

219 ΔΙΑΜΑΡΤΥΡΗΣΕΙΣ ΓΡΑΜΜΑΤΙΩΝ ΕΝΤΟΣ ΜΗΝΟΣ ΕΙΣ ΤΑ ΧΑΝΙΑ

Ἀπὸ τὰ διάφορα σημεῖα τοῦ κόσμου ἀναγγέλλονται νέαι ἐξελίξεις σχετικαὶ μὲ τὴν κατάστασιν ποὺ διαμορφώνεται, τὰς ἀποφάσεις τῶν κυβερνήσεων καὶ τὰ μέτρα ποὺ λαμβάνονται διὰ τὴν ἀντιμετώπισιν τῶν προβλημάτων τῆς οἰκονομίας καὶ τῆς ἀμύνης.

ΣΥΣΚΕΨΙΣ ΕΙΣ ΤΟΝ ΠΕΙΡΑΙΑ ΔΙΑ ΤΗΝ ΠΡΟΣΤΑΣΙΑΝ ΤΗΣ ΕΠΑΓΓΕΛΜΑΤΙΚΗΣ ΣΤΕΓΗΣ

Ἀπὸ τὰ διάφορα σημεῖα τοῦ κόσμου ἀναγγέλλονται νέαι ἐξελίξεις σχετικαὶ μὲ τὴν κατάστασιν ποὺ διαμορφώνεται, τὰς ἀποφάσεις τῶν κυβερνήσεων καὶ τὰ μέτρα ποὺ λαμβάνονται διὰ τὴν ἀντιμετώπισιν τῶν προβλημάτων τῆς οἰκονομίας καὶ τῆς ἀμύνης.

Η «ΠΟΛΙΤΙΚΑ» ΔΗΜΟΣΙΕΥΕΙ ΜΗΝΥΜΑ ΤΟΥ Κ. ΠΑΠΑΓΟΥ

Ἀπὸ τὰ διάφορα σημεῖα τοῦ κόσμου ἀναγγέλλονται νέαι ἐξελίξεις σχετικαὶ μὲ τὴν κατάστασιν ποὺ διαμορφώνεται, τὰς ἀποφάσεις τῶν κυβερνήσεων καὶ τὰ μέτρα ποὺ λαμβάνονται διὰ τὴν ἀντιμετώπισιν τῶν προβλημάτων τῆς οἰκονομίας καὶ τῆς ἀμύνης.

Ο Κ. ΠΕΣΜΑΖΟΓΛΟΥ ΔΙΑ ΤΗΝ ΥΠΟΤΙΜΗΣΙΝ

Ἀπὸ τὰ διάφορα σημεῖα τοῦ κόσμου ἀναγγέλλονται νέαι ἐξελίξεις σχετικαὶ μὲ τὴν κατάστασιν ποὺ διαμορφώνεται, τὰς ἀποφάσεις τῶν κυβερνήσεων καὶ τὰ μέτρα ποὺ λαμβάνονται διὰ τὴν ἀντιμετώπισιν τῶν προβλημάτων τῆς οἰκονομίας καὶ τῆς ἀμύνης.

Ἀπὸ τὰ διάφορα σημεῖα τοῦ κόσμου ἀναγγέλλονται νέαι ἐξελίξεις σχετικαὶ μὲ τὴν κατάστασιν ποὺ διαμορφώνεται, τὰς ἀποφάσεις τῶν κυβερνήσεων καὶ τὰ μέτρα ποὺ λαμβάνονται διὰ τὴν ἀντιμετώπισιν τῶν προβλημάτων τῆς οἰκονομίας καὶ τῆς ἀμύνης.

Η ΣΤΟΑ ΕΜΠΟΡΟΠΑΙΔΑΡΧΗ

Ἀπὸ τὰ διάφορα σημεῖα τοῦ κόσμου ἀναγγέλλονται νέαι ἐξελίξεις σχετικαὶ μὲ τὴν κατάστασιν ποὺ διαμορφώνεται, τὰς ἀποφάσεις τῶν κυβερνήσεων καὶ τὰ μέτρα ποὺ λαμβάνονται διὰ τὴν ἀντιμετώπισιν τῶν προβλημάτων τῆς οἰκονομίας καὶ τῆς ἀμύνης.

ΚΑΤΗΓΟΡΗΘΗ ΟΥΣΙΑΣΤΙΚΩΣ Η ΕΛΕΥΘΕΡΙΑ ΕΙΣΑΓΩΓΩΝ ΔΙΑ ΤΗΣ ΠΛΗΡΟΥΣ ΔΙΑΚΟΠΗΣ ΧΡΗΜΑΤΟΔΟΤΗΣΕΩΣ ΕΚΑΤΟΝΤΑΔΩΝ ΒΙΟΜΗΧΑΝΙΚΩΝ ΚΑΙ ΑΛΛΩΝ ΕΙΔΩΝ
ΜΕ ΑΠΟΦΑΣΙΝ ΤΗΣ ΝΟΜΙΣΜΑΤΙΚΗΣ ΕΠΙΤΡΟΠΗΣ

Ἀπὸ τὰ διάφορα σημεῖα τοῦ κόσμου ἀναγγέλλονται νέαι ἐξελίξεις σχετικαὶ μὲ τὴν κατάστασιν ποὺ διαμορφώνεται, τὰς ἀποφάσεις τῶν κυβερνήσεων καὶ τὰ μέτρα ποὺ λαμβάνονται διὰ τὴν ἀντιμετώπισιν τῶν προβλημάτων τῆς οἰκονομίας καὶ τῆς ἀμύνης.

Ἀπὸ τὰ διάφορα σημεῖα τοῦ κόσμου ἀναγγέλλονται νέαι ἐξελίξεις σχετικαὶ μὲ τὴν κατάστασιν ποὺ διαμορφώνεται, τὰς ἀποφάσεις τῶν κυβερνήσεων καὶ τὰ μέτρα ποὺ λαμβάνονται διὰ τὴν ἀντιμετώπισιν τῶν προβλημάτων τῆς οἰκονομίας καὶ τῆς ἀμύνης.

Ἀπὸ τὰ διάφορα σημεῖα τοῦ κόσμου ἀναγγέλλονται νέαι ἐξελίξεις σχετικαὶ μὲ τὴν κατάστασιν ποὺ διαμορφώνεται, τὰς ἀποφάσεις τῶν κυβερνήσεων καὶ τὰ μέτρα ποὺ λαμβάνονται διὰ τὴν ἀντιμετώπισιν τῶν προβλημάτων τῆς οἰκονομίας καὶ τῆς ἀμύνης.

Ἀπὸ τὰ διάφορα σημεῖα τοῦ κόσμου ἀναγγέλλονται νέαι ἐξελίξεις σχετικαὶ μὲ τὴν κατάστασιν ποὺ διαμορφώνεται, τὰς ἀποφάσεις τῶν κυβερνήσεων καὶ τὰ μέτρα ποὺ λαμβάνονται διὰ τὴν ἀντιμετώπισιν τῶν προβλημάτων τῆς οἰκονομίας καὶ τῆς ἀμύνης.

Ἀπὸ τὰ διάφορα σημεῖα τοῦ κόσμου ἀναγγέλλονται νέαι ἐξελίξεις σχετικαὶ μὲ τὴν κατάστασιν ποὺ διαμορφώνεται, τὰς ἀποφάσεις τῶν κυβερνήσεων καὶ τὰ μέτρα ποὺ λαμβάνονται διὰ τὴν ἀντιμετώπισιν τῶν προβλημάτων τῆς οἰκονομίας καὶ τῆς ἀμύνης.

Ἀπὸ τὰ διάφορα σημεῖα τοῦ κόσμου ἀναγγέλλονται νέαι ἐξελίξεις σχετικαὶ μὲ τὴν κατάστασιν ποὺ διαμορφώνεται, τὰς ἀποφάσεις τῶν κυβερνήσεων καὶ τὰ μέτρα ποὺ λαμβάνονται διὰ τὴν ἀντιμετώπισιν τῶν προβλημάτων τῆς οἰκονομίας καὶ τῆς ἀμύνης.

Η ΝΟΜΙΣΜΑΤΙΚΗ ΚΥΚΛΟΦΟΡΙΑ

Ἀπὸ τὰ διάφορα σημεῖα τοῦ κόσμου ἀναγγέλλονται νέαι ἐξελίξεις σχετικαὶ μὲ τὴν κατάστασιν ποὺ διαμορφώνεται, τὰς ἀποφάσεις τῶν κυβερνήσεων καὶ τὰ μέτρα ποὺ λαμβάνονται διὰ τὴν ἀντιμετώπισιν τῶν προβλημάτων τῆς οἰκονομίας καὶ τῆς ἀμύνης.

Η ΤΟΥΡΚΙΑ ΜΕΤΑ ΤΗΝ ΥΠΟΤΙΜΗΣΙΝ ΤΗΣ ΔΡΑΧΜΗΣ ΘΑ ΠΡΙΜΟΔΟΤΗΣΗ ΤΑ ΕΞΑΓΟΜΕΝΑ ΠΡΟΪΟΝΤΑ ΤΗΣ
ΘΙΓΟΝΤΑΙ ΚΑΤΑ ΚΥΡΙΟΝ ΛΟΓΟΝ ΤΑ ΕΛΛΗΝΙΚΑ ΚΑΠΝΑ

Ἀπὸ τὰ διάφορα σημεῖα τοῦ κόσμου ἀναγγέλλονται νέαι ἐξελίξεις σχετικαὶ μὲ τὴν κατάστασιν ποὺ διαμορφώνεται, τὰς ἀποφάσεις τῶν κυβερνήσεων καὶ τὰ μέτρα ποὺ λαμβάνονται διὰ τὴν ἀντιμετώπισιν τῶν προβλημάτων τῆς οἰκονομίας καὶ τῆς ἀμύνης.

Ἀπὸ τὰ διάφορα σημεῖα τοῦ κόσμου ἀναγγέλλονται νέαι ἐξελίξεις σχετικαὶ μὲ τὴν κατάστασιν ποὺ διαμορφώνεται, τὰς ἀποφάσεις τῶν κυβερνήσεων καὶ τὰ μέτρα ποὺ λαμβάνονται διὰ τὴν ἀντιμετώπισιν τῶν προβλημάτων τῆς οἰκονομίας καὶ τῆς ἀμύνης.

ΟΙ Κ.Κ. ΝΤΑΛΛΕΣ, ΛΟΥ-Ϋ-Δ ΚΑΙ ΜΠΙΝΤΟ ΔΙΕΠΙΣΤΩΣΑΝ ΟΤΙ ΤΟ ΤΡΙΜΕΡΕΣ ΒΑΛΚΑΝΙΚΟΝ ΣΥΜΦΩΝΟΝ ΑΠΟΤΕΛΕΙ ΙΣΧΥΡΟΝ ΕΡΕΙΣΜΑ ΔΥΝΑΜΕΩΣ ΚΑΙ ΑΜΥΝΗΣ ΤΟΥ ΝΑΤΟ

Ἀπὸ τὰ διάφορα σημεῖα τοῦ κόσμου ἀναγγέλλονται νέαι ἐξελίξεις σχετικαὶ μὲ τὴν κατάστασιν ποὺ διαμορφώνεται, τὰς ἀποφάσεις τῶν κυβερνήσεων καὶ τὰ μέτρα ποὺ λαμβάνονται διὰ τὴν ἀντιμετώπισιν τῶν προβλημάτων τῆς οἰκονομίας καὶ τῆς ἀμύνης.

Ἀπὸ τὰ διάφορα σημεῖα τοῦ κόσμου ἀναγγέλλονται νέαι ἐξελίξεις σχετικαὶ μὲ τὴν κατάστασιν ποὺ διαμορφώνεται, τὰς ἀποφάσεις τῶν κυβερνήσεων καὶ τὰ μέτρα ποὺ λαμβάνονται διὰ τὴν ἀντιμετώπισιν τῶν προβλημάτων τῆς οἰκονομίας καὶ τῆς ἀμύνης.

Ἀπὸ τὰ διάφορα σημεῖα τοῦ κόσμου ἀναγγέλλονται νέαι ἐξελίξεις σχετικαὶ μὲ τὴν κατάστασιν ποὺ διαμορφώνεται, τὰς ἀποφάσεις τῶν κυβερνήσεων καὶ τὰ μέτρα ποὺ λαμβάνονται διὰ τὴν ἀντιμετώπισιν τῶν προβλημάτων τῆς οἰκονομίας καὶ τῆς ἀμύνης.

Ἀπὸ τὰ διάφορα σημεῖα τοῦ κόσμου ἀναγγέλλονται νέαι ἐξελίξεις σχετικαὶ μὲ τὴν κατάστασιν ποὺ διαμορφώνεται, τὰς ἀποφάσεις τῶν κυβερνήσεων καὶ τὰ μέτρα ποὺ λαμβάνονται διὰ τὴν ἀντιμετώπισιν τῶν προβλημάτων τῆς οἰκονομίας καὶ τῆς ἀμύνης.

Η «ΠΡΑΒΔΑ» ΙΣΧΥΡΙΖΕΤΑΙ ΟΤΙ Η ΣΟΒΙΕΤΙΚΗ ΕΝΩΣΙΣ ΑΚΟΛΟΥΘΕΙ ΠΟΛΙΤΙΚΗΝ ΔΙΑΤΗΡΗΣΕΩΣ ΤΗΣ ΕΙΡΗΝΗΣ
ΑΙ ΕΛΠΙΔΕΣ ΔΥΝΑΤΟΤΗΤΟΣ ΔΙΕΞΑΓΩΓΗΣ ΣΥΝΟΜΙΛΙΩΝ

Ἀπὸ τὰ διάφορα σημεῖα τοῦ κόσμου ἀναγγέλλονται νέαι ἐξελίξεις σχετικαὶ μὲ τὴν κατάστασιν ποὺ διαμορφώνεται, τὰς ἀποφάσεις τῶν κυβερνήσεων καὶ τὰ μέτρα ποὺ λαμβάνονται διὰ τὴν ἀντιμετώπισιν τῶν προβλημάτων τῆς οἰκονομίας καὶ τῆς ἀμύνης.

Η ΔΥΝΑΤΟΤΗΣ ΣΥΝΟΜΙΛΙΩΝ

Ἀπὸ τὰ διάφορα σημεῖα τοῦ κόσμου ἀναγγέλλονται νέαι ἐξελίξεις σχετικαὶ μὲ τὴν κατάστασιν ποὺ διαμορφώνεται, τὰς ἀποφάσεις τῶν κυβερνήσεων καὶ τὰ μέτρα ποὺ λαμβάνονται διὰ τὴν ἀντιμετώπισιν τῶν προβλημάτων τῆς οἰκονομίας καὶ τῆς ἀμύνης.

Ἀπὸ τὰ διάφορα σημεῖα τοῦ κόσμου ἀναγγέλλονται νέαι ἐξελίξεις σχετικαὶ μὲ τὴν κατάστασιν ποὺ διαμορφώνεται, τὰς ἀποφάσεις τῶν κυβερνήσεων καὶ τὰ μέτρα ποὺ λαμβάνονται διὰ τὴν ἀντιμετώπισιν τῶν προβλημάτων τῆς οἰκονομίας καὶ τῆς ἀμύνης.

Ἀπὸ τὰ διάφορα σημεῖα τοῦ κόσμου ἀναγγέλλονται νέαι ἐξελίξεις σχετικαὶ μὲ τὴν κατάστασιν ποὺ διαμορφώνεται, τὰς ἀποφάσεις τῶν κυβερνήσεων καὶ τὰ μέτρα ποὺ λαμβάνονται διὰ τὴν ἀντιμετώπισιν τῶν προβλημάτων τῆς οἰκονομίας καὶ τῆς ἀμύνης.

Η ΤΙΜΗ ΤΩΝ ΞΕΝΩΝ ΒΙΒΛΙΩΝ ΚΑΙ ΤΗΣ ΖΥΛΕΙΑΣ

Ἀπὸ τὰ διάφορα σημεῖα τοῦ κόσμου ἀναγγέλλονται νέαι ἐξελίξεις σχετικαὶ μὲ τὴν κατάστασιν ποὺ διαμορφώνεται, τὰς ἀποφάσεις τῶν κυβερνήσεων καὶ τὰ μέτρα ποὺ λαμβάνονται διὰ τὴν ἀντιμετώπισιν τῶν προβλημάτων τῆς οἰκονομίας καὶ τῆς ἀμύνης.

ΥΠΟΚΡΕΩΤΙΚΗ ΕΙΣΦΟΡΑ ΤΩΝ ΟΡΓΑΝΟΚΑΛΛΙΕΡΓΩΝ ΔΙΑ ΤΟ ΤΑΜΕΙΟΝ ΤΗΣ ΠΑΜΙΣΟΥ

Ἀπὸ τὰ διάφορα σημεῖα τοῦ κόσμου ἀναγγέλλονται νέαι ἐξελίξεις σχετικαὶ μὲ τὴν κατάστασιν ποὺ διαμορφώνεται, τὰς ἀποφάσεις τῶν κυβερνήσεων καὶ τὰ μέτρα ποὺ λαμβάνονται διὰ τὴν ἀντιμετώπισιν τῶν προβλημάτων τῆς οἰκονομίας καὶ τῆς ἀμύνης.

ΚΑΤΑΡΓΗΣΙΣ ΔΑΝΕΙΩΝ ΕΠΙ ΕΚΚΕΝΤΡΩΝ ΠΡΟΪΟΝΤΩΝ

Ἀπὸ τὰ διάφορα σημεῖα τοῦ κόσμου ἀναγγέλλονται νέαι ἐξελίξεις σχετικαὶ μὲ τὴν κατάστασιν ποὺ διαμορφώνεται, τὰς ἀποφάσεις τῶν κυβερνήσεων καὶ τὰ μέτρα ποὺ λαμβάνονται διὰ τὴν ἀντιμετώπισιν τῶν προβλημάτων τῆς οἰκονομίας καὶ τῆς ἀμύνης.

ΑΙ ΕΡΓΑΣΙΑΙ ΤΗΣ ΣΥΝΟΔΟΥ ΤΗΣ ΙΕΡΑΡΧΙΑΣ

Ἀπὸ τὰ διάφορα σημεῖα τοῦ κόσμου ἀναγγέλλονται νέαι ἐξελίξεις σχετικαὶ μὲ τὴν κατάστασιν ποὺ διαμορφώνεται, τὰς ἀποφάσεις τῶν κυβερνήσεων καὶ τὰ μέτρα ποὺ λαμβάνονται διὰ τὴν ἀντιμετώπισιν τῶν προβλημάτων τῆς οἰκονομίας καὶ τῆς ἀμύνης.

ΓΑΜΟΙ ΠΡΙΓΚΗΠΙΣΣΗΣ ΕΙΣ ΤΗΝ ΑΓΓΛΙΑΝ

Ἀπὸ τὰ διάφορα σημεῖα τοῦ κόσμου ἀναγγέλλονται νέαι ἐξελίξεις σχετικαὶ μὲ τὴν κατάστασιν ποὺ διαμορφώνεται, τὰς ἀποφάσεις τῶν κυβερνήσεων καὶ τὰ μέτρα ποὺ λαμβάνονται διὰ τὴν ἀντιμετώπισιν τῶν προβλημάτων τῆς οἰκονομίας καὶ τῆς ἀμύνης.

Ο Κ. ΠΙΟΥΡΙΦΟΥ ΕΙΣ ΤΗΝ ΘΕΣΣΑΛΙΑΝ

Ἀπὸ τὰ διάφορα σημεῖα τοῦ κόσμου ἀναγγέλλονται νέαι ἐξελίξεις σχετικαὶ μὲ τὴν κατάστασιν ποὺ διαμορφώνεται, τὰς ἀποφάσεις τῶν κυβερνήσεων καὶ τὰ μέτρα ποὺ λαμβάνονται διὰ τὴν ἀντιμετώπισιν τῶν προβλημάτων τῆς οἰκονομίας καὶ τῆς ἀμύνης.

ΠΡΙΣΙΣΘΗ Ο ΑΝΑΚΡΙΤΑΙ ΔΙΑ ΤΗΝ ΕΘΝΙΚΗ ΤΡΑΠΕΖΑΝ

Ἀπὸ τὰ διάφορα σημεῖα τοῦ κόσμου ἀναγγέλλονται νέαι ἐξελίξεις σχετικαὶ μὲ τὴν κατάστασιν ποὺ διαμορφώνεται, τὰς ἀποφάσεις τῶν κυβερνήσεων καὶ τὰ μέτρα ποὺ λαμβάνονται διὰ τὴν ἀντιμετώπισιν τῶν προβλημάτων τῆς οἰκονομίας καὶ τῆς ἀμύνης.

Η ΕΓΚΑΤΑΣΤΑΣΙΣ ΤΟΥ ΝΕΟΥ ΓΕΝΙΚΟΥ ΤΟΥ ΟΑΠ

Ἀπὸ τὰ διάφορα σημεῖα τοῦ κόσμου ἀναγγέλλονται νέαι ἐξελίξεις σχετικαὶ μὲ τὴν κατάστασιν ποὺ διαμορφώνεται, τὰς ἀποφάσεις τῶν κυβερνήσεων καὶ τὰ μέτρα ποὺ λαμβάνονται διὰ τὴν ἀντιμετώπισιν τῶν προβλημάτων τῆς οἰκονομίας καὶ τῆς ἀμύνης.
